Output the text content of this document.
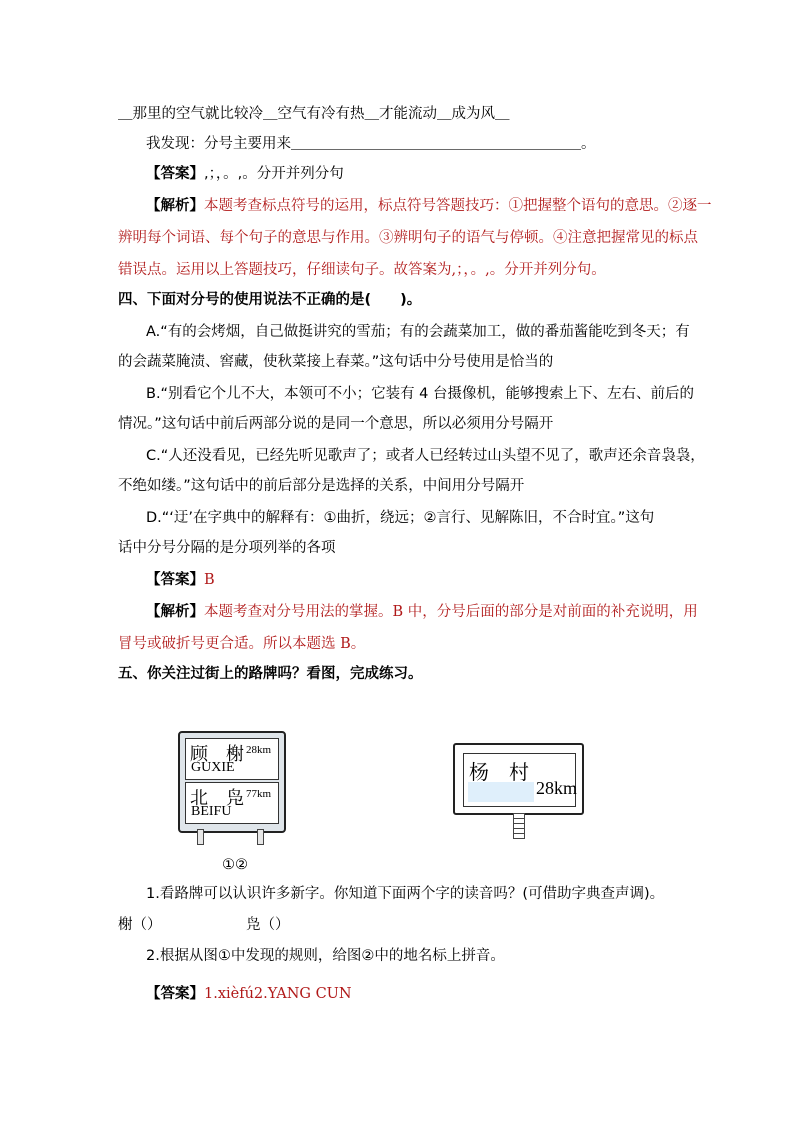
＿那里的空气就比较冷＿空气有冷有热＿才能流动＿成为风＿
我发现：分号主要用来＿＿＿＿＿＿＿＿＿＿＿＿＿＿＿＿＿＿＿＿。
【答案】,；，。,。分开并列分句
【解析】本题考查标点符号的运用，标点符号答题技巧：①把握整个语句的意思。②逐一
辨明每个词语、每个句子的意思与作用。③辨明句子的语气与停顿。④注意把握常见的标点
错误点。运用以上答题技巧，仔细读句子。故答案为,；，。,。分开并列分句。
四、下面对分号的使用说法不正确的是(　　)。
A.“有的会烤烟，自己做挺讲究的雪茄；有的会蔬菜加工，做的番茄酱能吃到冬天；有
的会蔬菜腌渍、窖藏，使秋菜接上春菜。”这句话中分号使用是恰当的
B.“别看它个儿不大，本领可不小；它装有 4 台摄像机，能够搜索上下、左右、前后的
情况。”这句话中前后两部分说的是同一个意思，所以必须用分号隔开
C.“人还没看见，已经先听见歌声了；或者人已经转过山头望不见了，歌声还余音袅袅，
不绝如缕。”这句话中的前后部分是选择的关系，中间用分号隔开
D.“‘迂’在字典中的解释有：①曲折，绕远；②言行、见解陈旧，不合时宜。”这句
话中分号分隔的是分项列举的各项
【答案】B
【解析】本题考查对分号用法的掌握。B 中，分号后面的部分是对前面的补充说明，用
冒号或破折号更合适。所以本题选 B。
五、你关注过街上的路牌吗？看图，完成练习。
顾　榭 28km
GUXIE
北　凫 77km
BEIFU
杨　村
28km
①②
1.看路牌可以认识许多新字。你知道下面两个字的读音吗？(可借助字典查声调)。
榭（）	凫（）
2.根据从图①中发现的规则，给图②中的地名标上拼音。
【答案】1.xièfú2.YANG CUN
